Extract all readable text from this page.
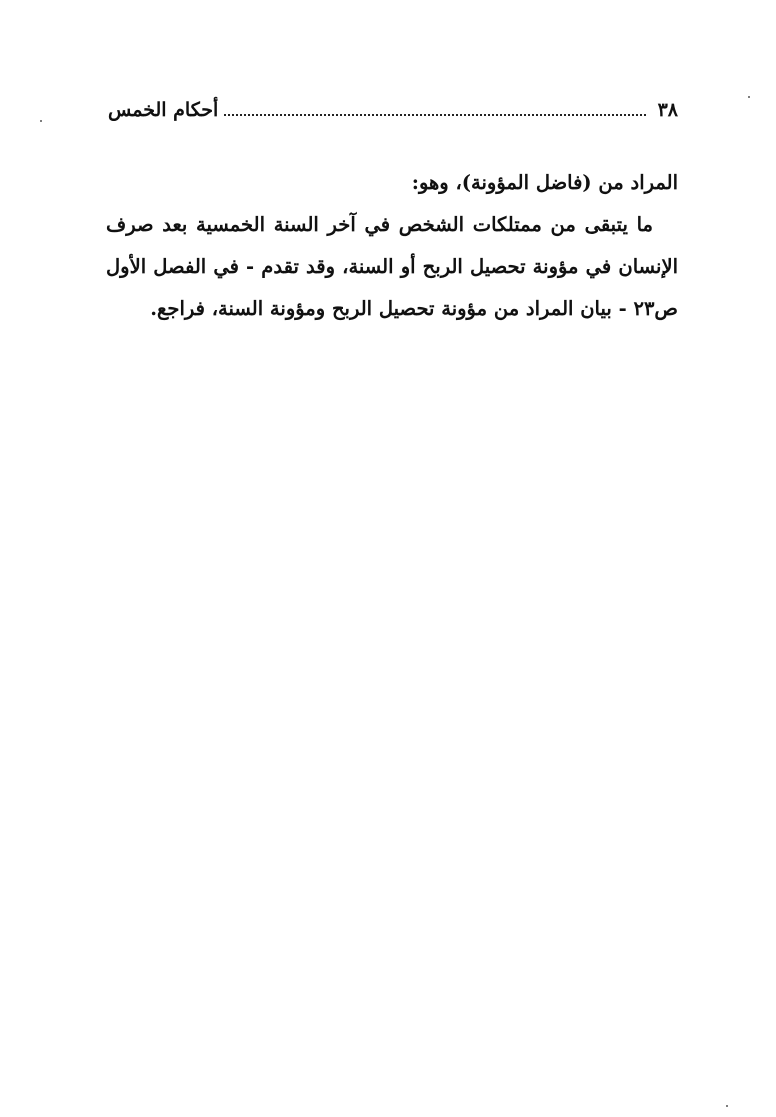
٣٨
أحكام الخمس

المراد من (فاضل المؤونة)، وهو:

ما يتبقى من ممتلكات الشخص في آخر السنة الخمسية بعد صرف الإنسان في مؤونة تحصيل الربح أو السنة، وقد تقدم - في الفصل الأول ص٢٣ - بيان المراد من مؤونة تحصيل الربح ومؤونة السنة، فراجع.
